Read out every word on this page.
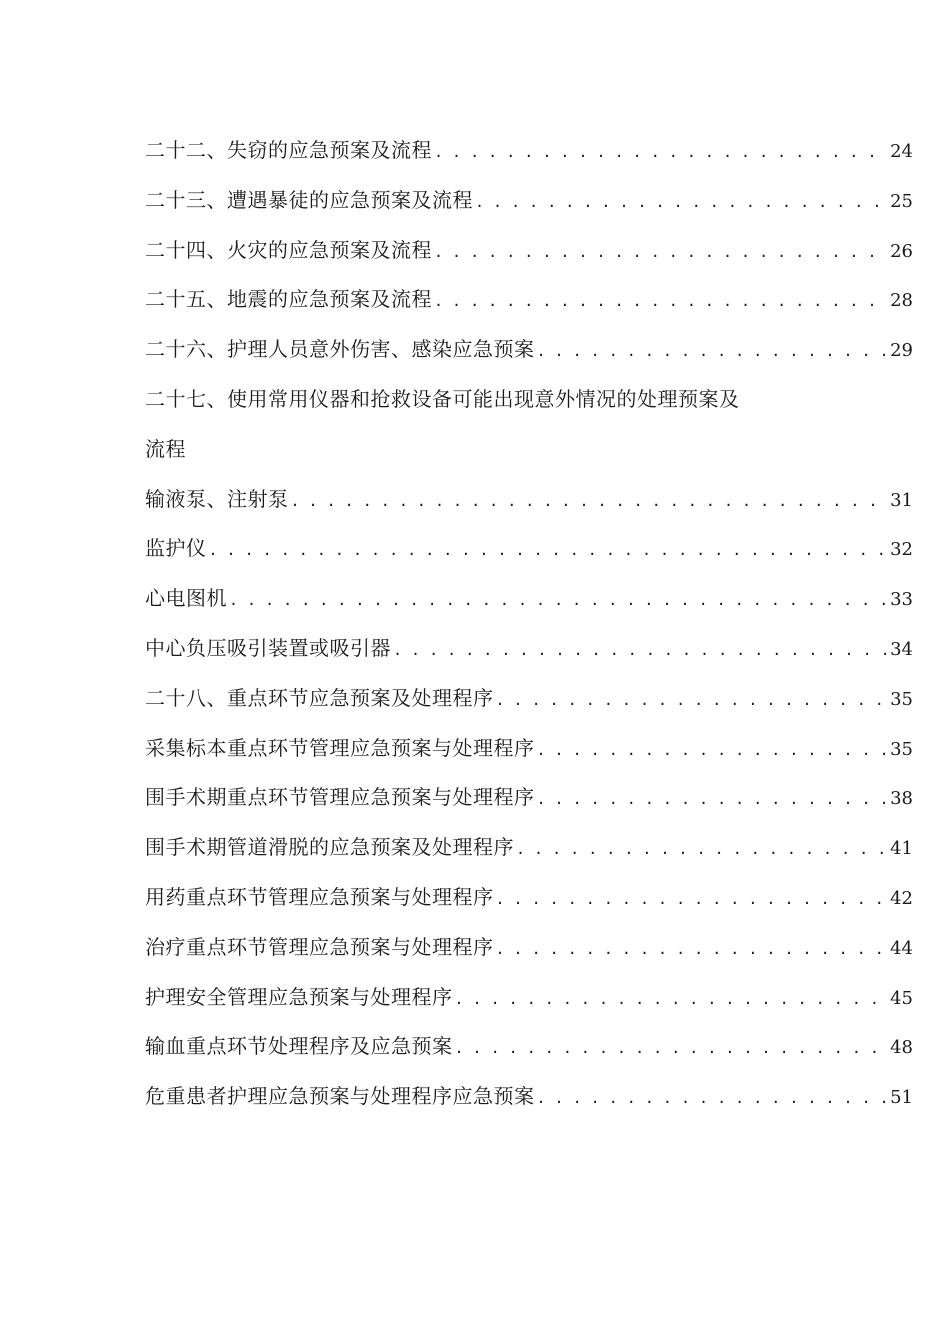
二十二、失窃的应急预案及流程 . . .	24
二十三、遭遇暴徒的应急预案及流程 . . .	25
二十四、火灾的应急预案及流程 . . .	26
二十五、地震的应急预案及流程 . . .	28
二十六、护理人员意外伤害、感染应急预案 . . .	29
二十七、使用常用仪器和抢救设备可能出现意外情况的处理预案及
流程
输液泵、注射泵 . . .	31
监护仪 . . .	32
心电图机 . . .	33
中心负压吸引装置或吸引器 . . .	34
二十八、重点环节应急预案及处理程序 . . .	35
采集标本重点环节管理应急预案与处理程序 . . .	35
围手术期重点环节管理应急预案与处理程序 . . .	38
围手术期管道滑脱的应急预案及处理程序 . . .	41
用药重点环节管理应急预案与处理程序 . . .	42
治疗重点环节管理应急预案与处理程序 . . .	44
护理安全管理应急预案与处理程序 . . .	45
输血重点环节处理程序及应急预案 . . .	48
危重患者护理应急预案与处理程序应急预案 . . .	51
